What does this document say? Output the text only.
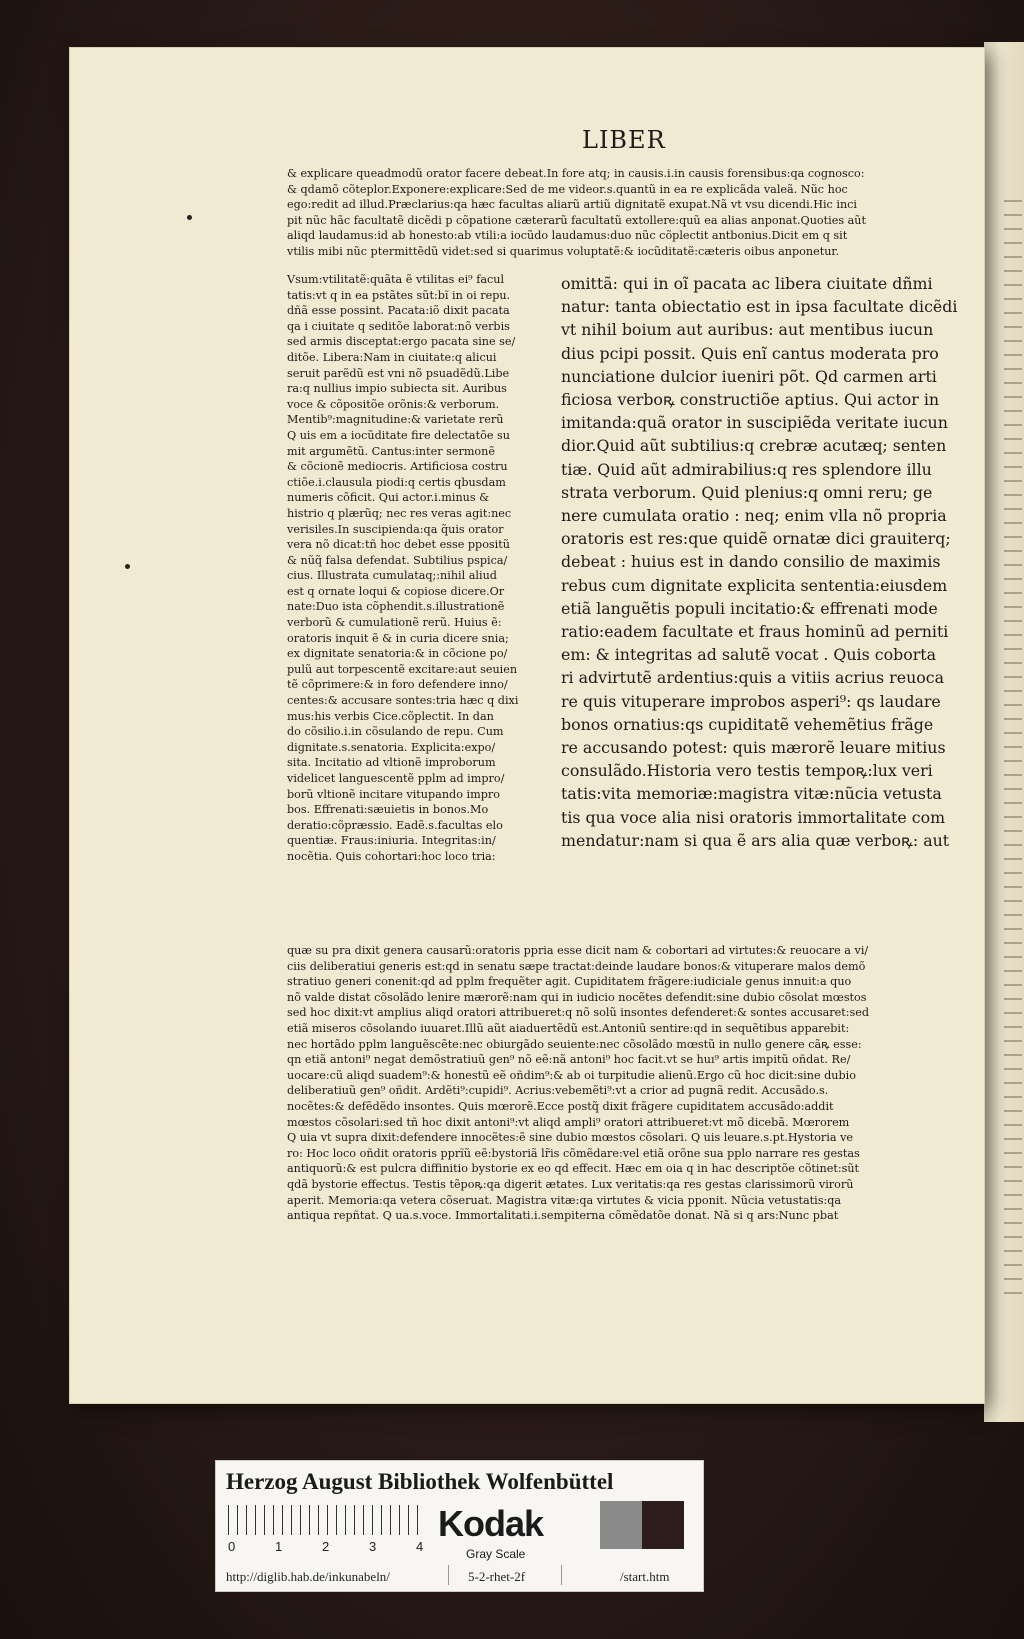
LIBER

& explicare queadmodũ orator facere debeat.In fore atq; in causis.i.in causis forensibus:qa cognosco:

& qdamõ cõteplor.Exponere:explicare:Sed de me videor.s.quantũ in ea re explicãda valeã. Nũc hoc

ego:redit ad illud.Præclarius:qa hæc facultas aliarũ artiũ dignitatẽ exupat.Nã vt vsu dicendi.Hic inci

pit nũc hãc facultatẽ dicẽdi p cõpatione cæterarũ facultatũ extollere:quũ ea alias anponat.Quoties aũt

aliqd laudamus:id ab honesto:ab vtili:a iocũdo laudamus:duo nũc cõplectit antbonius.Dicit em q sit

vtilis mibi nũc ptermittẽdũ videt:sed si quarimus voluptatẽ:& iocũditatẽ:cæteris oibus anponetur.

Vsum:vtilitatẽ:quãta ẽ vtilitas ei⁹ facul
tatis:vt q in ea pstãtes sũt:bĩ in oi repu.
dñã esse possint. Pacata:iõ dixit pacata
qa i ciuitate q seditõe laborat:nõ verbis
sed armis disceptat:ergo pacata sine se/
ditõe. Libera:Nam in ciuitate:q alicui
seruit parẽdũ est vni nõ psuadẽdũ.Libe
ra:q nullius impio subiecta sit. Auribus
voce & cõpositõe orõnis:& verborum.
Mentib⁹:magnitudine:& varietate rerũ
Q uis em a iocũditate fire delectatõe su
mit argumẽtũ. Cantus:inter sermonẽ
& cõcionẽ mediocris. Artificiosa costru
ctiõe.i.clausula piodi:q certis qbusdam
numeris cõficit. Qui actor.i.minus &
histrio q plærũq; nec res veras agit:nec
verisiles.In suscipienda:qa q̃uis orator
vera nõ dicat:tñ hoc debet esse ppositũ
& nũq̃ falsa defendat. Subtilius pspica/
cius. Illustrata cumulataq;:nihil aliud
est q ornate loqui & copiose dicere.Or
nate:Duo ista cõphendit.s.illustrationẽ
verborũ & cumulationẽ rerũ. Huius ẽ:
oratoris inquit ẽ & in curia dicere snia;
ex dignitate senatoria:& in cõcione po/
pulũ aut torpescentẽ excitare:aut seuien
tẽ cõprimere:& in foro defendere inno/
centes:& accusare sontes:tria hæc q dixi
mus:his verbis Cice.cõplectit. In dan
do cõsilio.i.in cõsulando de repu. Cum
dignitate.s.senatoria. Explicita:expo/
sita. Incitatio ad vltionẽ improborum
videlicet languescentẽ pplm ad impro/
borũ vltionẽ incitare vitupando impro
bos. Effrenati:sæuietis in bonos.Mo
deratio:cõpræssio. Eadẽ.s.facultas elo
quentiæ. Fraus:iniuria. Integritas:in/
nocẽtia. Quis cohortari:hoc loco tria:
omittã: qui in oĩ pacata ac libera ciuitate dñmi
natur: tanta obiectatio est in ipsa facultate dicẽdi
vt nihil boium aut auribus: aut mentibus iucun
dius pcipi possit. Quis enĩ cantus moderata pro
nunciatione dulcior iueniri põt. Qd carmen arti
ficiosa verboꝶ constructiõe aptius. Qui actor in
imitanda:quã orator in suscipiẽda veritate iucun
dior.Quid aũt subtilius:q crebræ acutæq; senten
tiæ. Quid aũt admirabilius:q res splendore illu
strata verborum. Quid plenius:q omni reru; ge
nere cumulata oratio : neq; enim vlla nõ propria
oratoris est res:que quidẽ ornatæ dici grauiterq;
debeat : huius est in dando consilio de maximis
rebus cum dignitate explicita sententia:eiusdem
etiã languẽtis populi incitatio:& effrenati mode
ratio:eadem facultate et fraus hominũ ad perniti
em: & integritas ad salutẽ vocat . Quis coborta
ri advirtutẽ ardentius:quis a vitiis acrius reuoca
re quis vituperare improbos asperi⁹: qs laudare
bonos ornatius:qs cupiditatẽ vehemẽtius frãge
re accusando potest: quis mærorẽ leuare mitius
consulãdo.Historia vero testis tempoꝶ:lux veri
tatis:vita memoriæ:magistra vitæ:nũcia vetusta
tis qua voce alia nisi oratoris immortalitate com
mendatur:nam si qua ẽ ars alia quæ verboꝶ: aut
quæ su pra dixit genera causarũ:oratoris ppria esse dicit nam & cobortari ad virtutes:& reuocare a vi/
ciis deliberatiui generis est:qd in senatu sæpe tractat:deinde laudare bonos:& vituperare malos demõ
stratiuo generi conenit:qd ad pplm frequẽter agit. Cupiditatem frãgere:iudiciale genus innuit:a quo
nõ valde distat cõsolãdo lenire mærorẽ:nam qui in iudicio nocẽtes defendit:sine dubio cõsolat mœstos
sed hoc dixit:vt amplius aliqd oratori attribueret:q nõ solũ insontes defenderet:& sontes accusaret:sed
etiã miseros cõsolando iuuaret.Illũ aũt aiaduertẽdũ est.Antoniũ sentire:qd in sequẽtibus apparebit:
nec hortãdo pplm languẽscẽte:nec obiurgãdo seuiente:nec cõsolãdo mœstũ in nullo genere cãꝶ esse:
qn etiã antoni⁹ negat demõstratiuũ gen⁹ nõ eẽ:nã antoni⁹ hoc facit.vt se huı⁹ artis impitũ oñdat. Re/
uocare:cũ aliqd suadem⁹:& honestũ eẽ oñdim⁹:& ab oi turpitudie alienũ.Ergo cũ hoc dicit:sine dubio
deliberatiuũ gen⁹ oñdit. Ardẽti⁹:cupidi⁹. Acrius:vebemẽti⁹:vt a crior ad pugnã redit. Accusãdo.s.
nocẽtes:& defẽdẽdo insontes. Quis mœrorẽ.Ecce postq̃ dixit frãgere cupiditatem accusãdo:addit
mœstos cõsolari:sed tñ hoc dixit antoni⁹:vt aliqd ampli⁹ oratori attribueret:vt mõ dicebã. Mœrorem
Q uia vt supra dixit:defendere innocẽtes:ẽ sine dubio mœstos cõsolari. Q uis leuare.s.pt.Hystoria ve
ro: Hoc loco oñdit oratoris pprĩũ eẽ:bystoriã lr̃is cõmẽdare:vel etiã orõne sua pplo narrare res gestas
antiquorũ:& est pulcra diffinitio bystorie ex eo qd effecit. Hæc em oia q in hac descriptõe cõtinet:sũt
qdã bystorie effectus. Testis tẽpoꝶ:qa digerit ætates. Lux veritatis:qa res gestas clarissimorũ virorũ
aperit. Memoria:qa vetera cõseruat. Magistra vitæ:qa virtutes & vicia pponit. Nũcia vetustatis:qa
antiqua repñtat. Q ua.s.voce. Immortalitati.i.sempiterna cõmẽdatõe donat. Nã si q ars:Nunc pbat
Herzog August Bibliothek Wolfenbüttel
0	1	2	3	4
Kodak
Gray Scale
http://diglib.hab.de/inkunabeln/	5-2-rhet-2f	/start.htm
